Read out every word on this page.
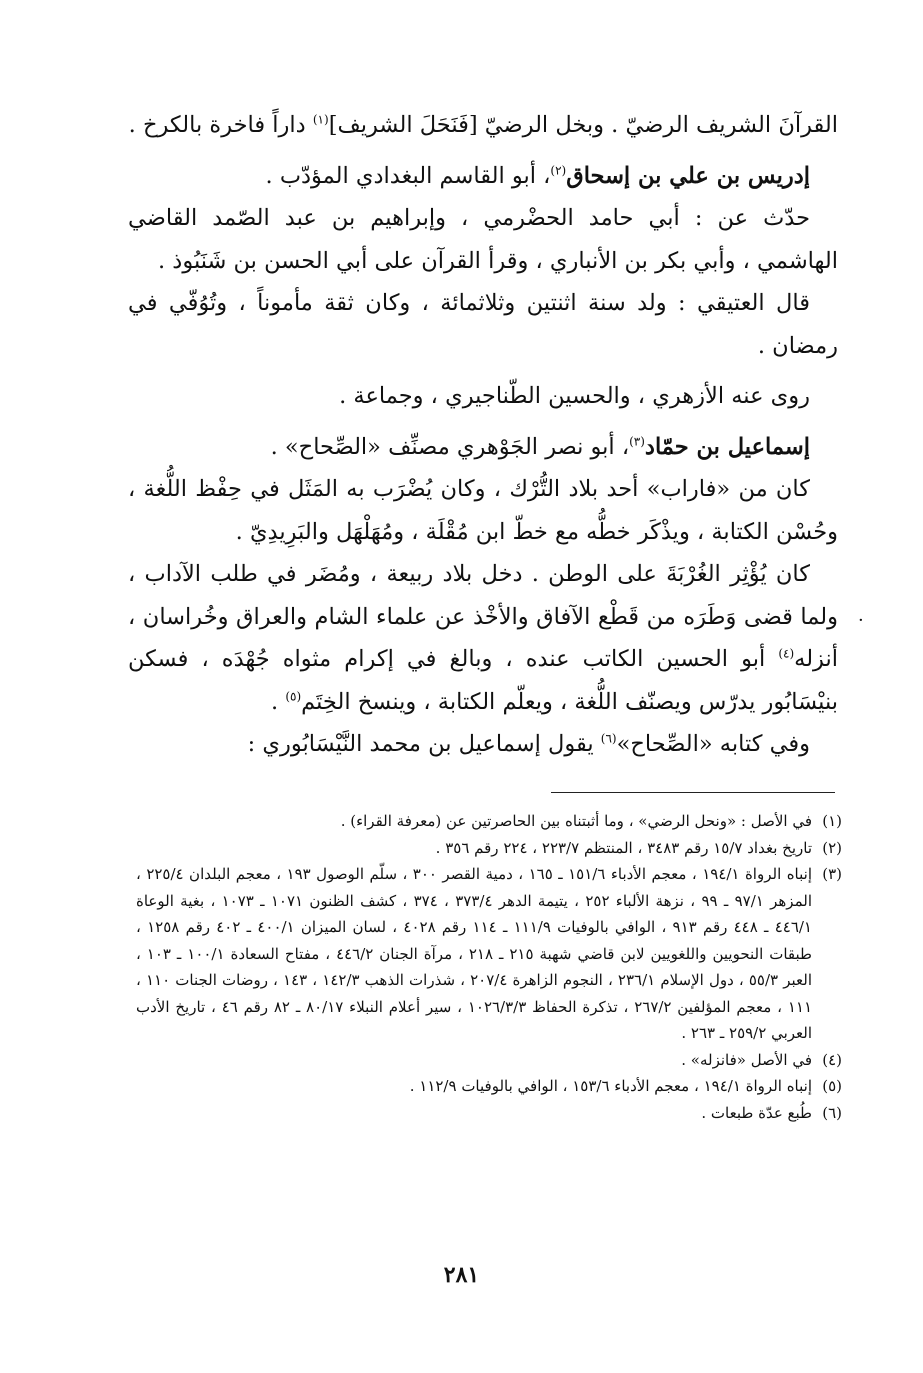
القرآنَ الشريف الرضيّ . وبخل الرضيّ [فَنَحَلَ الشريف]$^{(١)}$ داراً فاخرة بالكرخ .

إدريس بن علي بن إسحاق$^{(٢)}$، أبو القاسم البغدادي المؤدّب .

حدّث عن : أبي حامد الحضْرمي ، وإبراهيم بن عبد الصّمد القاضي الهاشمي ، وأبي بكر بن الأنباري ، وقرأ القرآن على أبي الحسن بن شَنَبُوذ .

قال العتيقي : ولد سنة اثنتين وثلاثمائة ، وكان ثقة مأموناً ، وتُوُفّي في رمضان .

روى عنه الأزهري ، والحسين الطّناجيري ، وجماعة .

إسماعيل بن حمّاد$^{(٣)}$، أبو نصر الجَوْهري مصنِّف «الصِّحاح» .

كان من «فاراب» أحد بلاد التُّرْك ، وكان يُضْرَب به المَثَل في حِفْظ اللُّغة ، وحُسْن الكتابة ، ويذْكَر خطُّه مع خطّ ابن مُقْلَة ، ومُهَلْهَل والبَرِيدِيّ .

كان يُؤْثِر الغُرْبَةَ على الوطن . دخل بلاد ربيعة ، ومُضَر في طلب الآداب ، ولما قضى وَطَرَه من قَطْع الآفاق والأخْذ عن علماء الشام والعراق وخُراسان ، أنزله$^{(٤)}$ أبو الحسين الكاتب عنده ، وبالغ في إكرام مثواه جُهْدَه ، فسكن بنيْسَابُور يدرّس ويصنّف اللُّغة ، ويعلّم الكتابة ، وينسخ الخِتَم$^{(٥)}$ .

وفي كتابه «الصِّحاح»$^{(٦)}$ يقول إسماعيل بن محمد النَّيْسَابُوري :

·
(١)
في الأصل : «ونحل الرضي» ، وما أثبتناه بين الحاصرتين عن (معرفة القراء) .
(٢)
تاريخ بغداد ١٥/٧ رقم ٣٤٨٣ ، المنتظم ٢٢٣/٧ ، ٢٢٤ رقم ٣٥٦ .
(٣)
إنباه الرواة ١٩٤/١ ، معجم الأدباء ١٥١/٦ ـ ١٦٥ ، دمية القصر ٣٠٠ ، سلّم الوصول ١٩٣ ، معجم البلدان ٢٢٥/٤ ، المزهر ٩٧/١ ـ ٩٩ ، نزهة الألباء ٢٥٢ ، يتيمة الدهر ٣٧٣/٤ ، ٣٧٤ ، كشف الظنون ١٠٧١ ـ ١٠٧٣ ، بغية الوعاة ٤٤٦/١ ـ ٤٤٨ رقم ٩١٣ ، الوافي بالوفيات ١١١/٩ ـ ١١٤ رقم ٤٠٢٨ ، لسان الميزان ٤٠٠/١ ـ ٤٠٢ رقم ١٢٥٨ ، طبقات النحويين واللغويين لابن قاضي شهبة ٢١٥ ـ ٢١٨ ، مرآة الجنان ٤٤٦/٢ ، مفتاح السعادة ١٠٠/١ ـ ١٠٣ ، العبر ٥٥/٣ ، دول الإسلام ٢٣٦/١ ، النجوم الزاهرة ٢٠٧/٤ ، شذرات الذهب ١٤٢/٣ ، ١٤٣ ، روضات الجنات ١١٠ ، ١١١ ، معجم المؤلفين ٢٦٧/٢ ، تذكرة الحفاظ ١٠٢٦/٣/٣ ، سير أعلام النبلاء ٨٠/١٧ ـ ٨٢ رقم ٤٦ ، تاريخ الأدب العربي ٢٥٩/٢ ـ ٢٦٣ .
(٤)
في الأصل «فانزله» .
(٥)
إنباه الرواة ١٩٤/١ ، معجم الأدباء ١٥٣/٦ ، الوافي بالوفيات ١١٢/٩ .
(٦)
طُبع عدّة طبعات .
٢٨١
